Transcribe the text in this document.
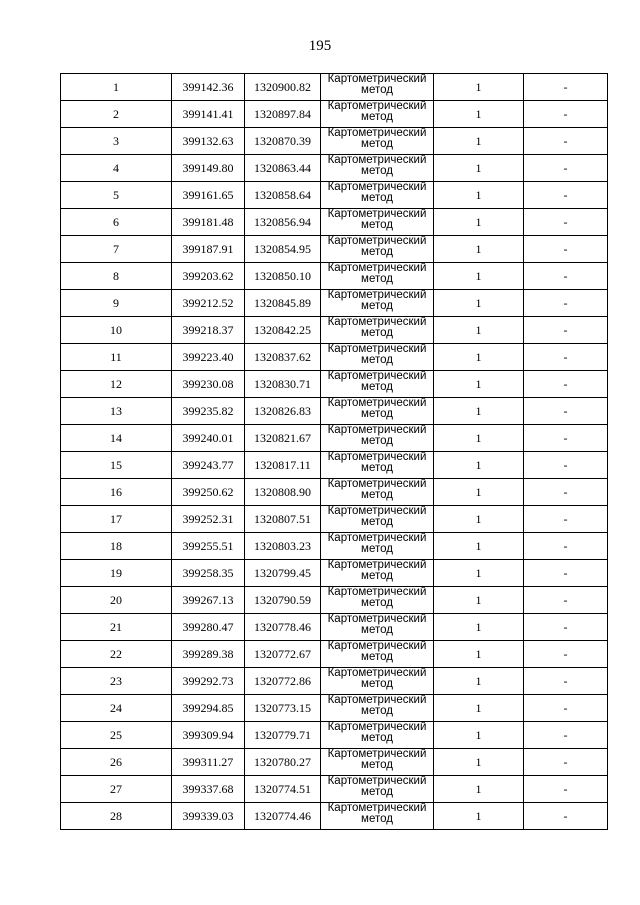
195
1	399142.36	1320900.82	Картометрический
метод	1	-
2	399141.41	1320897.84	Картометрический
метод	1	-
3	399132.63	1320870.39	Картометрический
метод	1	-
4	399149.80	1320863.44	Картометрический
метод	1	-
5	399161.65	1320858.64	Картометрический
метод	1	-
6	399181.48	1320856.94	Картометрический
метод	1	-
7	399187.91	1320854.95	Картометрический
метод	1	-
8	399203.62	1320850.10	Картометрический
метод	1	-
9	399212.52	1320845.89	Картометрический
метод	1	-
10	399218.37	1320842.25	Картометрический
метод	1	-
11	399223.40	1320837.62	Картометрический
метод	1	-
12	399230.08	1320830.71	Картометрический
метод	1	-
13	399235.82	1320826.83	Картометрический
метод	1	-
14	399240.01	1320821.67	Картометрический
метод	1	-
15	399243.77	1320817.11	Картометрический
метод	1	-
16	399250.62	1320808.90	Картометрический
метод	1	-
17	399252.31	1320807.51	Картометрический
метод	1	-
18	399255.51	1320803.23	Картометрический
метод	1	-
19	399258.35	1320799.45	Картометрический
метод	1	-
20	399267.13	1320790.59	Картометрический
метод	1	-
21	399280.47	1320778.46	Картометрический
метод	1	-
22	399289.38	1320772.67	Картометрический
метод	1	-
23	399292.73	1320772.86	Картометрический
метод	1	-
24	399294.85	1320773.15	Картометрический
метод	1	-
25	399309.94	1320779.71	Картометрический
метод	1	-
26	399311.27	1320780.27	Картометрический
метод	1	-
27	399337.68	1320774.51	Картометрический
метод	1	-
28	399339.03	1320774.46	Картометрический
метод	1	-
